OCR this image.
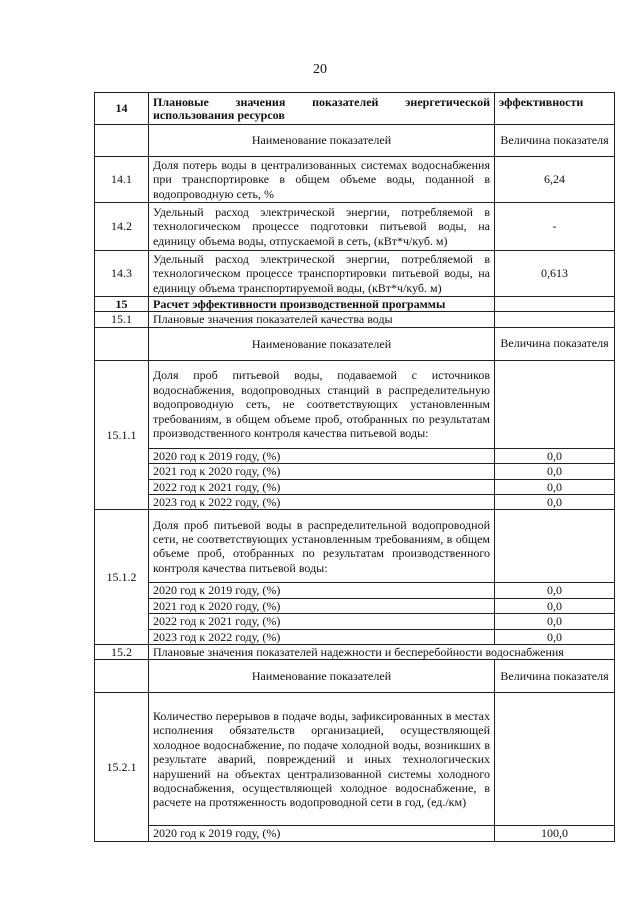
20
14	Плановые значения показателей энергетической использования ресурсов	эффективности
	Наименование показателей	Величина показателя
14.1	Доля потерь воды в централизованных системах водоснабжения при транспортировке в общем объеме воды, поданной в водопроводную сеть, %	6,24
14.2	Удельный расход электрической энергии, потребляемой в технологическом процессе подготовки питьевой воды, на единицу объема воды, отпускаемой в сеть, (кВт*ч/куб. м)	-
14.3	Удельный расход электрической энергии, потребляемой в технологическом процессе транспортировки питьевой воды, на единицу объема транспортируемой воды, (кВт*ч/куб. м)	0,613
15	Расчет эффективности производственной программы	
15.1	Плановые значения показателей качества воды	
	Наименование показателей	Величина показателя
15.1.1	Доля проб питьевой воды, подаваемой с источников водоснабжения, водопроводных станций в распределительную водопроводную сеть, не соответствующих установленным требованиям, в общем объеме проб, отобранных по результатам производственного контроля качества питьевой воды:	
	2020 год к 2019 году, (%)	0,0
	2021 год к 2020 году, (%)	0,0
	2022 год к 2021 году, (%)	0,0
	2023 год к 2022 году, (%)	0,0
15.1.2	Доля проб питьевой воды в распределительной водопроводной сети, не соответствующих установленным требованиям, в общем объеме проб, отобранных по результатам производственного контроля качества питьевой воды:	
	2020 год к 2019 году, (%)	0,0
	2021 год к 2020 году, (%)	0,0
	2022 год к 2021 году, (%)	0,0
	2023 год к 2022 году, (%)	0,0
15.2	Плановые значения показателей надежности и бесперебойности водоснабжения	
	Наименование показателей	Величина показателя
15.2.1	Количество перерывов в подаче воды, зафиксированных в местах исполнения обязательств организацией, осуществляющей холодное водоснабжение, по подаче холодной воды, возникших в результате аварий, повреждений и иных технологических нарушений на объектах централизованной системы холодного водоснабжения, осуществляющей холодное водоснабжение, в расчете на протяженность водопроводной сети в год, (ед./км)	
	2020 год к 2019 году, (%)	100,0
